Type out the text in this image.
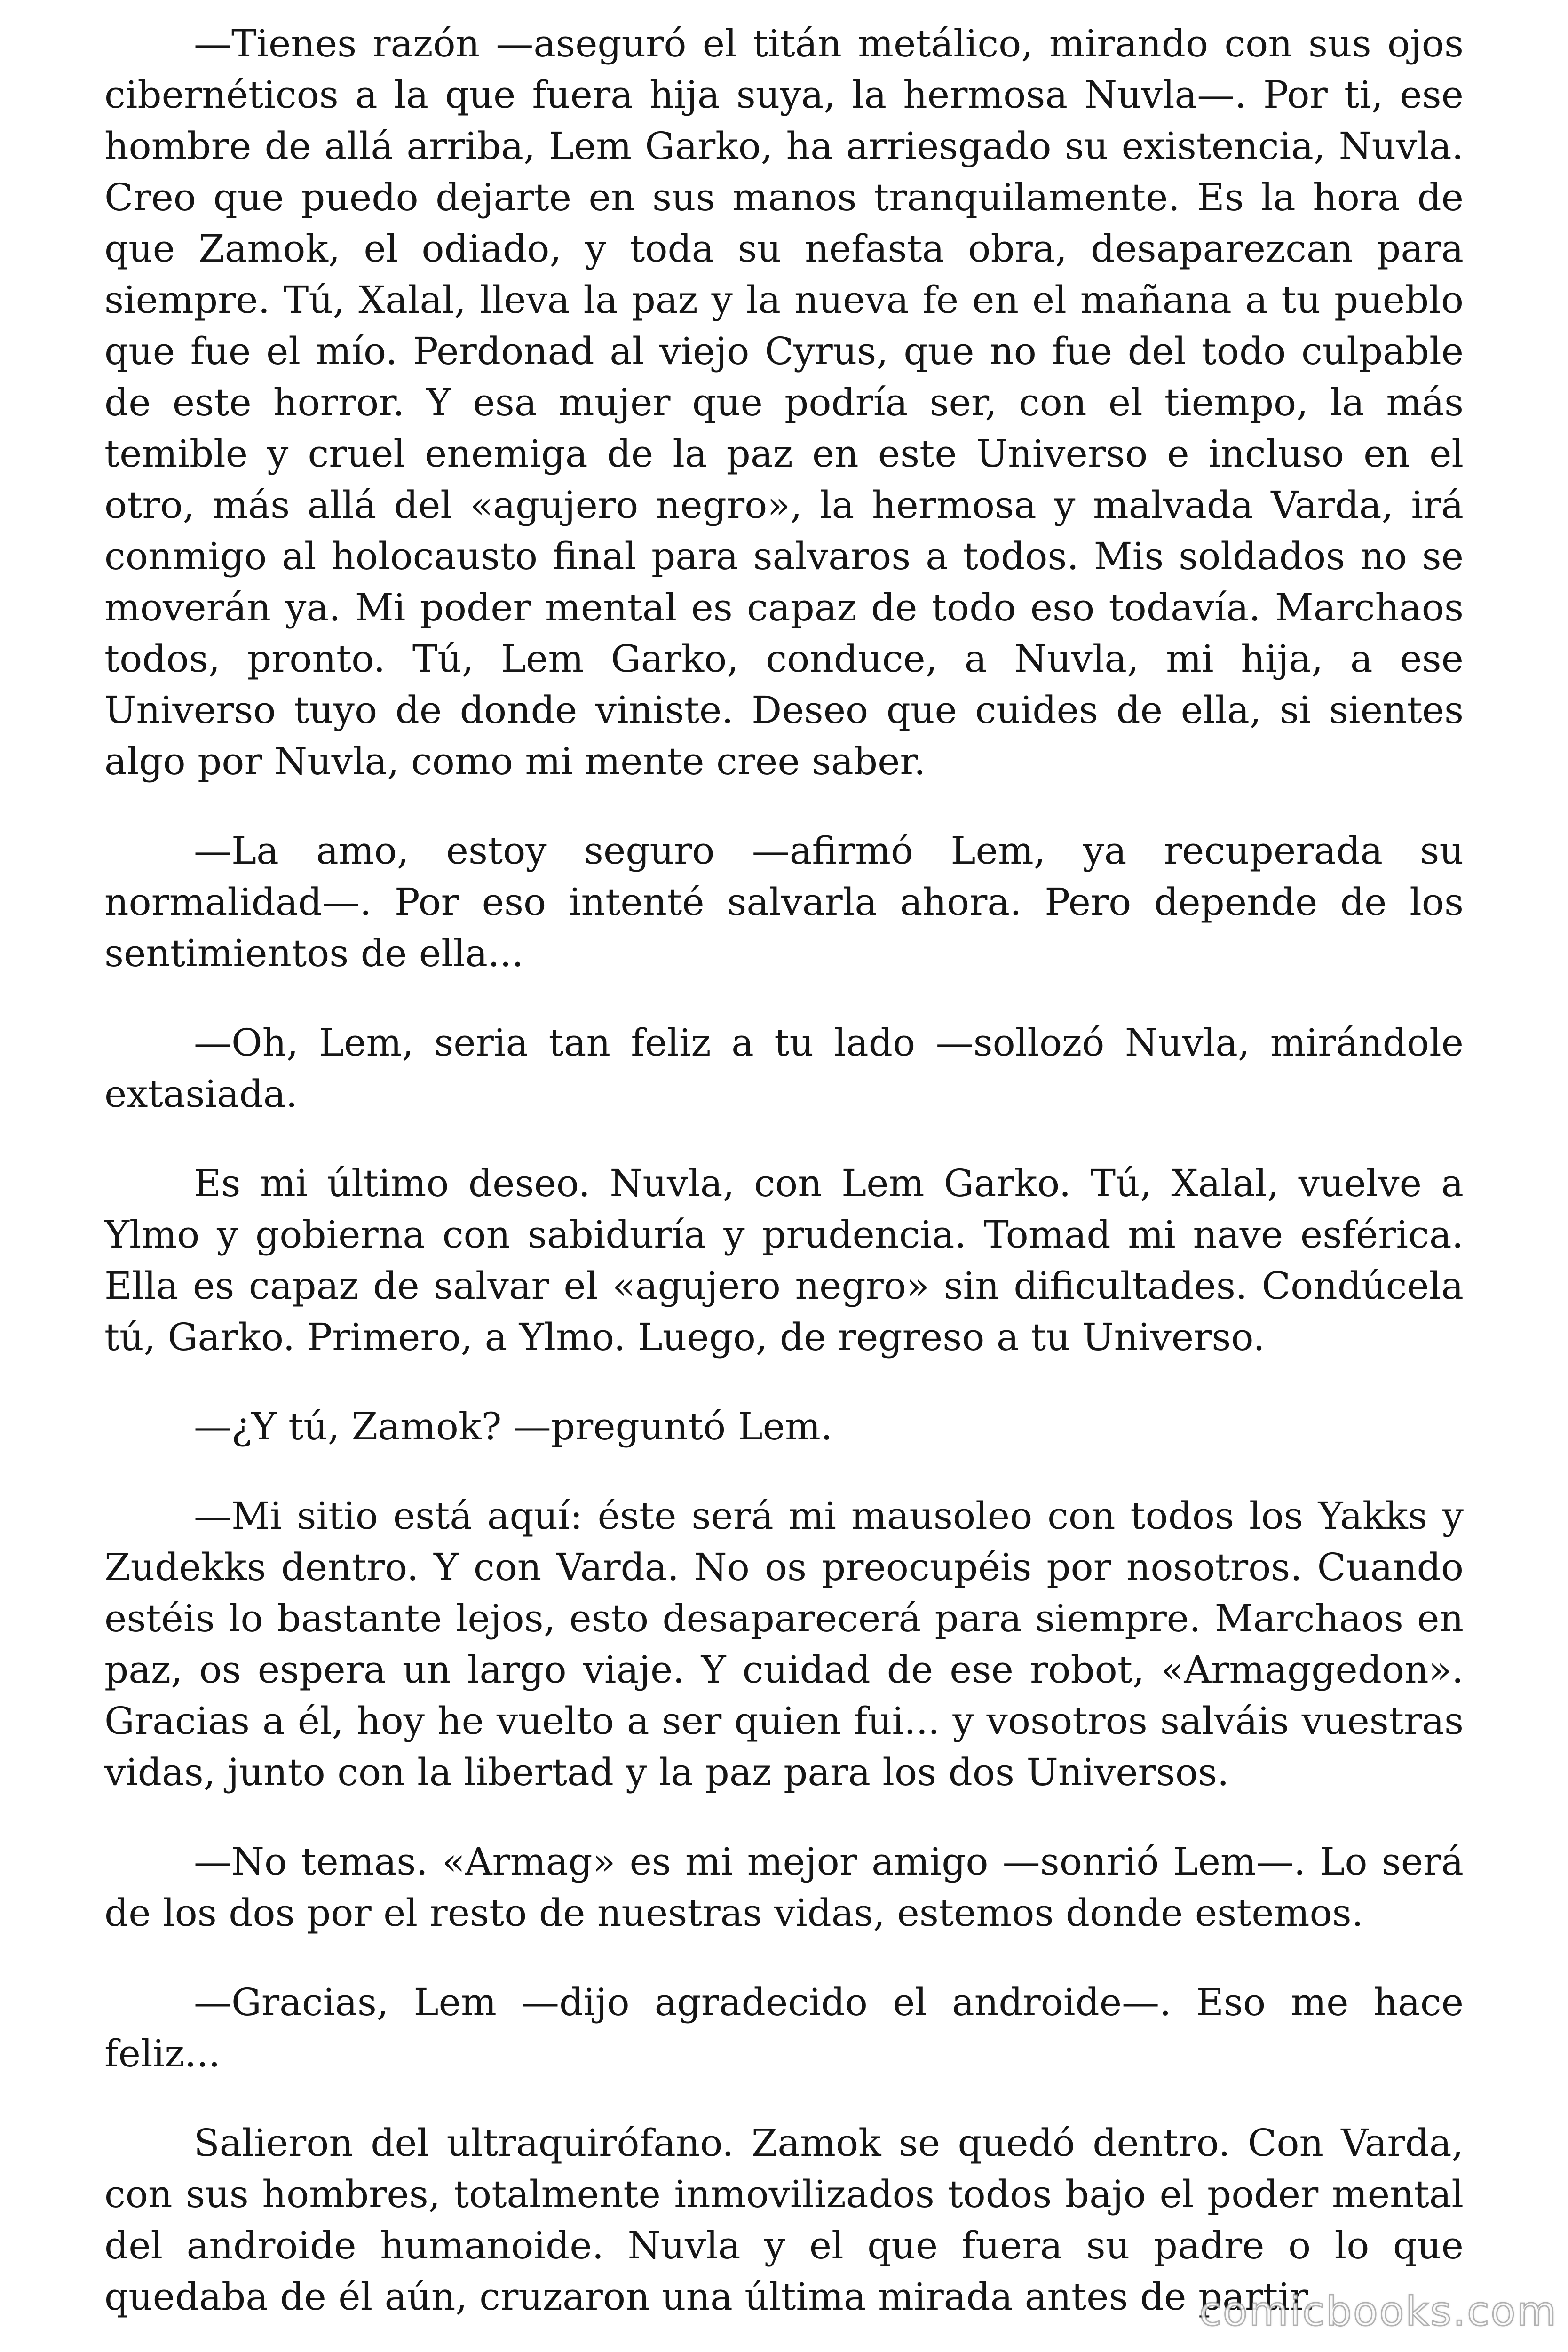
—Tienes razón —aseguró el titán metálico, mirando con sus ojos cibernéticos a la que fuera hija suya, la hermosa Nuvla—. Por ti, ese hombre de allá arriba, Lem Garko, ha arriesgado su existencia, Nuvla. Creo que puedo dejarte en sus manos tranquilamente. Es la hora de que Zamok, el odiado, y toda su nefasta obra, desaparezcan para siempre. Tú, Xalal, lleva la paz y la nueva fe en el mañana a tu pueblo que fue el mío. Perdonad al viejo Cyrus, que no fue del todo culpable de este horror. Y esa mujer que podría ser, con el tiempo, la más temible y cruel enemiga de la paz en este Universo e incluso en el otro, más allá del «agujero negro», la hermosa y malvada Varda, irá conmigo al holocausto final para salvaros a todos. Mis soldados no se moverán ya. Mi poder mental es capaz de todo eso todavía. Marchaos todos, pronto. Tú, Lem Garko, conduce, a Nuvla, mi hija, a ese Universo tuyo de donde viniste. Deseo que cuides de ella, si sientes algo por Nuvla, como mi mente cree saber.

—La amo, estoy seguro —afirmó Lem, ya recuperada su normalidad—. Por eso intenté salvarla ahora. Pero depende de los sentimientos de ella...

—Oh, Lem, seria tan feliz a tu lado —sollozó Nuvla, mirándole extasiada.

Es mi último deseo. Nuvla, con Lem Garko. Tú, Xalal, vuelve a Ylmo y gobierna con sabiduría y prudencia. Tomad mi nave esférica. Ella es capaz de salvar el «agujero negro» sin dificultades. Condúcela tú, Garko. Primero, a Ylmo. Luego, de regreso a tu Universo.

—¿Y tú, Zamok? —preguntó Lem.

—Mi sitio está aquí: éste será mi mausoleo con todos los Yakks y Zudekks dentro. Y con Varda. No os preocupéis por nosotros. Cuando estéis lo bastante lejos, esto desaparecerá para siempre. Marchaos en paz, os espera un largo viaje. Y cuidad de ese robot, «Armaggedon». Gracias a él, hoy he vuelto a ser quien fui... y vosotros salváis vuestras vidas, junto con la libertad y la paz para los dos Universos.

—No temas. «Armag» es mi mejor amigo —sonrió Lem—. Lo será de los dos por el resto de nuestras vidas, estemos donde estemos.

—Gracias, Lem —dijo agradecido el androide—. Eso me hace feliz...

Salieron del ultraquirófano. Zamok se quedó dentro. Con Varda, con sus hombres, totalmente inmovilizados todos bajo el poder mental del androide humanoide. Nuvla y el que fuera su padre o lo que quedaba de él aún, cruzaron una última mirada antes de partir.

comicbooks.com
